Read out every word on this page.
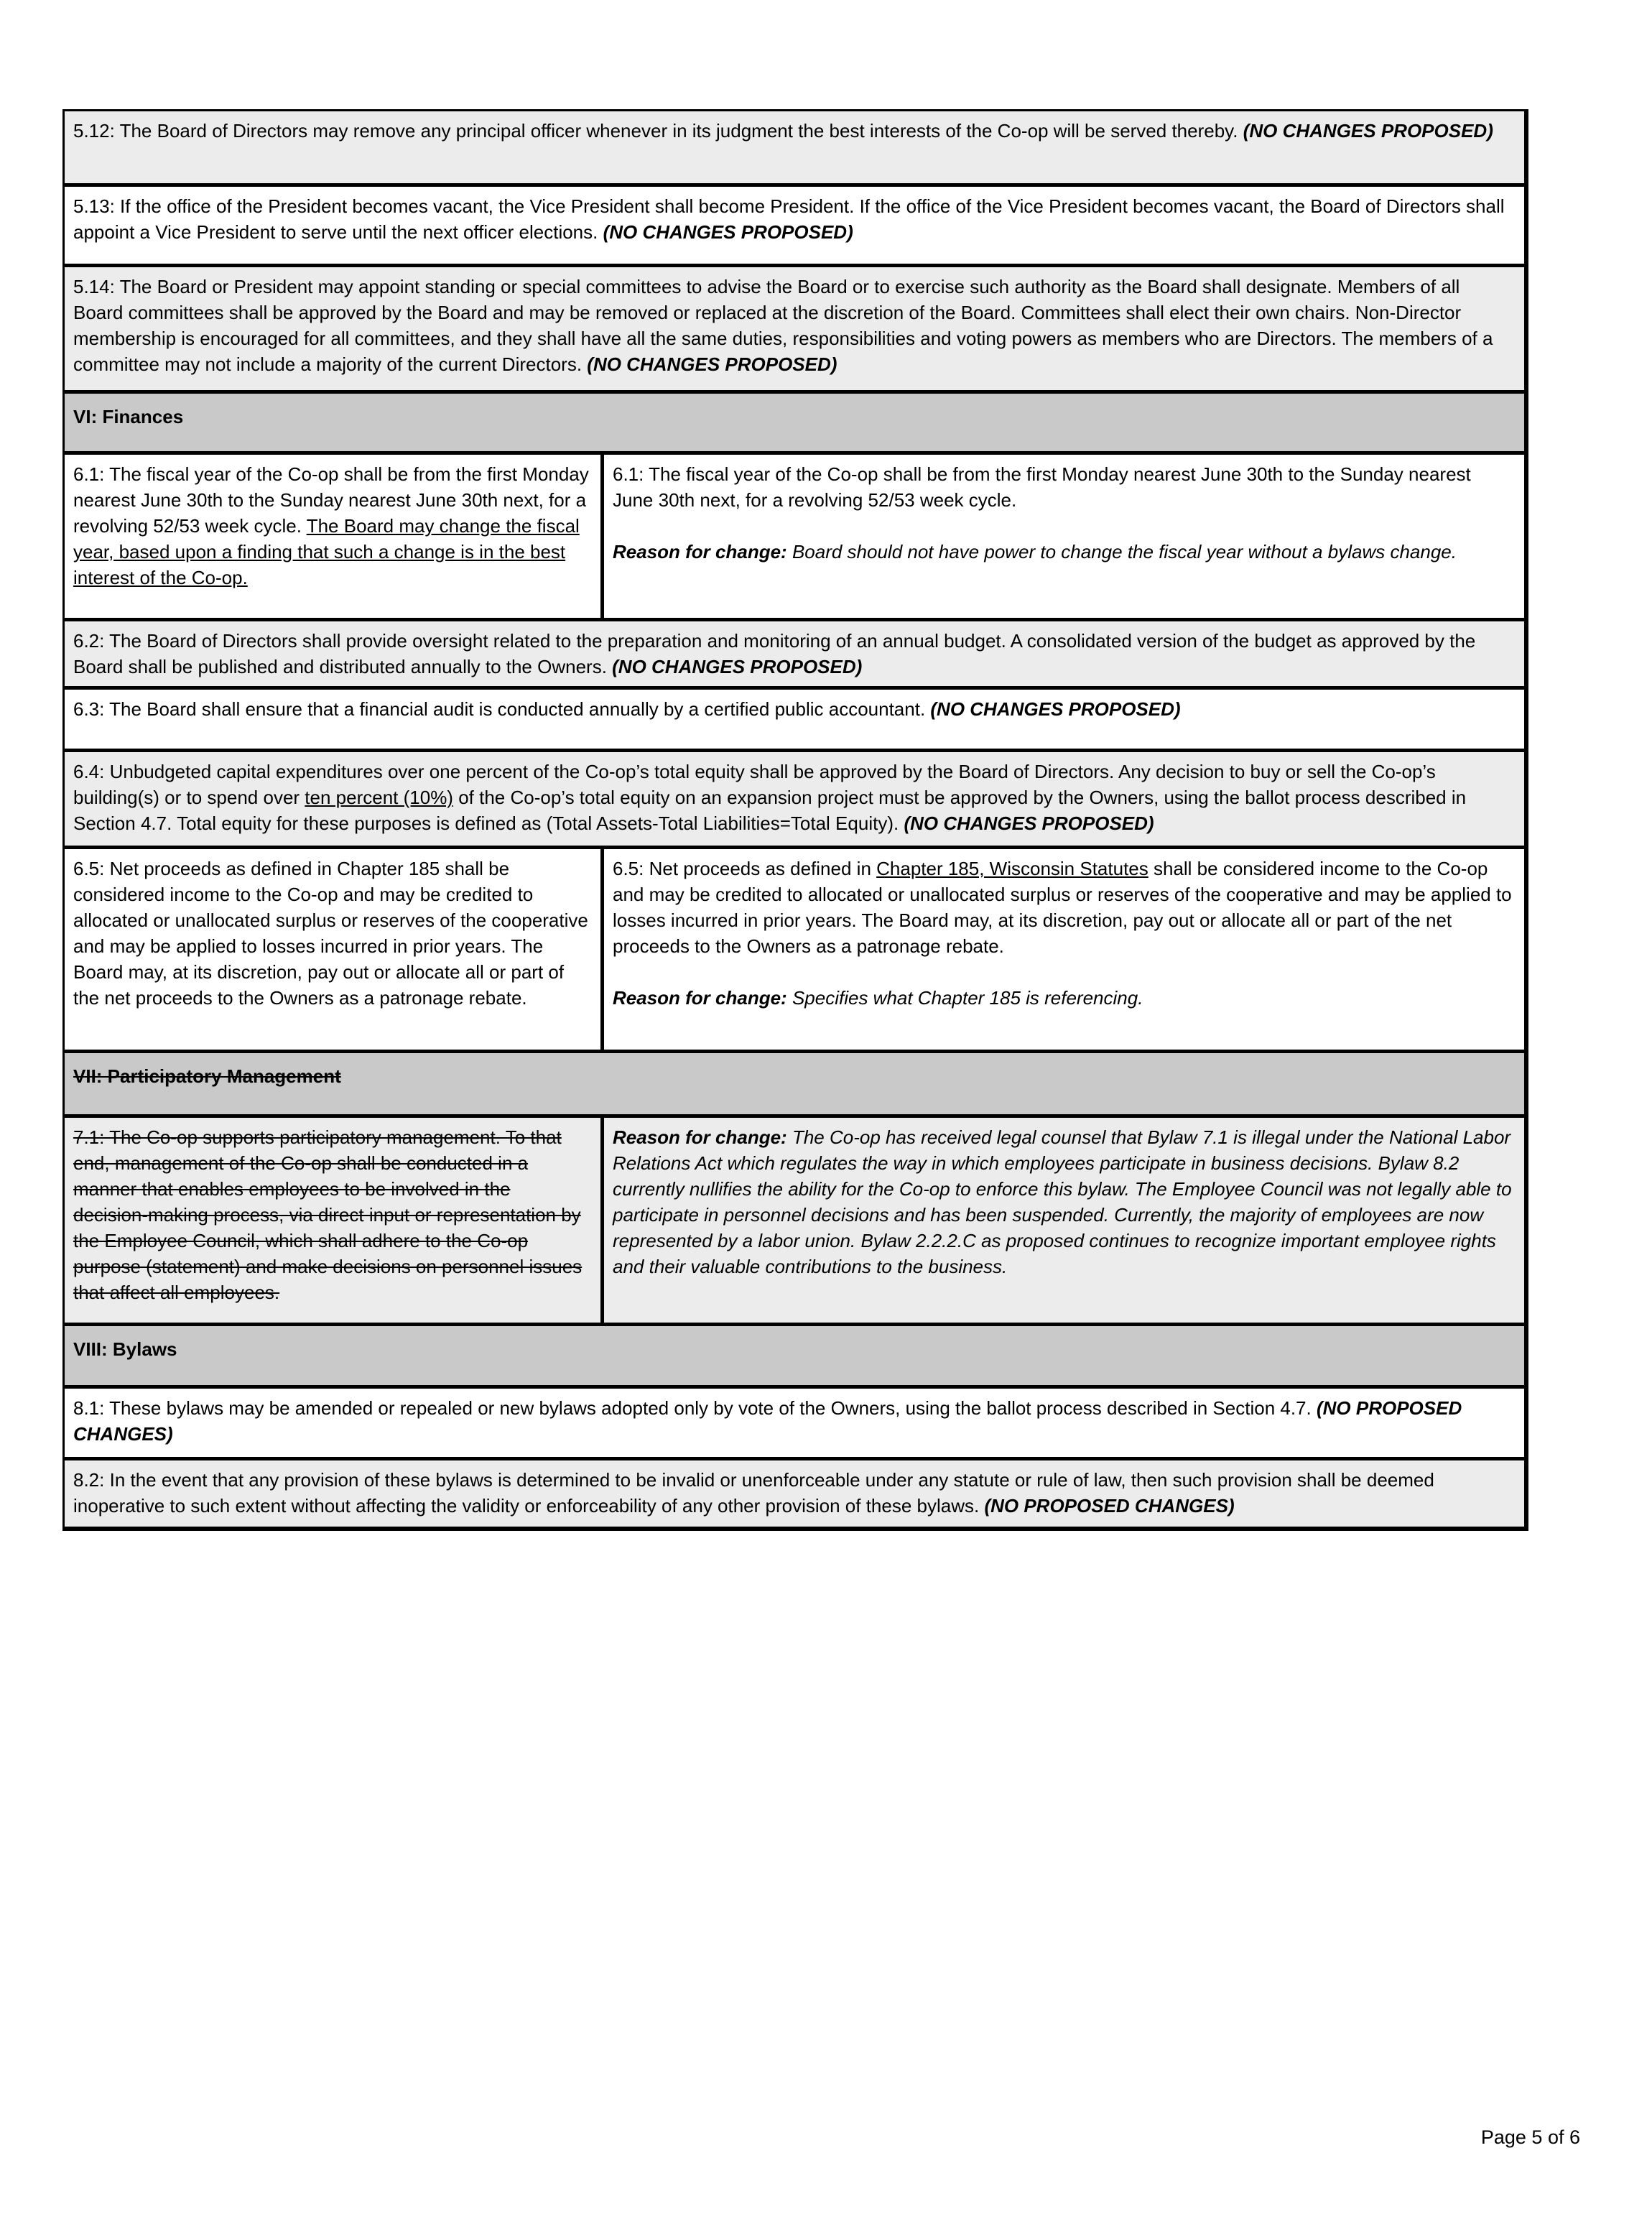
5.12: The Board of Directors may remove any principal officer whenever in its judgment the best interests of the Co-op will be served thereby. (NO CHANGES PROPOSED)

5.13: If the office of the President becomes vacant, the Vice President shall become President. If the office of the Vice President becomes vacant, the Board of Directors shall appoint a Vice President to serve until the next officer elections. (NO CHANGES PROPOSED)

5.14: The Board or President may appoint standing or special committees to advise the Board or to exercise such authority as the Board shall designate. Members of all Board committees shall be approved by the Board and may be removed or replaced at the discretion of the Board. Committees shall elect their own chairs. Non-Director membership is encouraged for all committees, and they shall have all the same duties, responsibilities and voting powers as members who are Directors. The members of a committee may not include a majority of the current Directors. (NO CHANGES PROPOSED)

VI: Finances

6.1: The fiscal year of the Co-op shall be from the first Monday nearest June 30th to the Sunday nearest June 30th next, for a revolving 52/53 week cycle. The Board may change the fiscal year, based upon a finding that such a change is in the best interest of the Co-op.

6.1: The fiscal year of the Co-op shall be from the first Monday nearest June 30th to the Sunday nearest June 30th next, for a revolving 52/53 week cycle.

Reason for change: Board should not have power to change the fiscal year without a bylaws change.

6.2: The Board of Directors shall provide oversight related to the preparation and monitoring of an annual budget. A consolidated version of the budget as approved by the Board shall be published and distributed annually to the Owners. (NO CHANGES PROPOSED)

6.3: The Board shall ensure that a financial audit is conducted annually by a certified public accountant. (NO CHANGES PROPOSED)

6.4: Unbudgeted capital expenditures over one percent of the Co-op’s total equity shall be approved by the Board of Directors. Any decision to buy or sell the Co-op’s building(s) or to spend over ten percent (10%) of the Co-op’s total equity on an expansion project must be approved by the Owners, using the ballot process described in Section 4.7. Total equity for these purposes is defined as (Total Assets-Total Liabilities=Total Equity). (NO CHANGES PROPOSED)

6.5: Net proceeds as defined in Chapter 185 shall be considered income to the Co-op and may be credited to allocated or unallocated surplus or reserves of the cooperative and may be applied to losses incurred in prior years. The Board may, at its discretion, pay out or allocate all or part of the net proceeds to the Owners as a patronage rebate.

6.5: Net proceeds as defined in Chapter 185, Wisconsin Statutes shall be considered income to the Co-op and may be credited to allocated or unallocated surplus or reserves of the cooperative and may be applied to losses incurred in prior years. The Board may, at its discretion, pay out or allocate all or part of the net proceeds to the Owners as a patronage rebate.

Reason for change: Specifies what Chapter 185 is referencing.

VII: Participatory Management

7.1: The Co-op supports participatory management. To that end, management of the Co-op shall be conducted in a manner that enables employees to be involved in the decision-making process, via direct input or representation by the Employee Council, which shall adhere to the Co-op purpose (statement) and make decisions on personnel issues that affect all employees.

Reason for change: The Co-op has received legal counsel that Bylaw 7.1 is illegal under the National Labor Relations Act which regulates the way in which employees participate in business decisions. Bylaw 8.2 currently nullifies the ability for the Co-op to enforce this bylaw. The Employee Council was not legally able to participate in personnel decisions and has been suspended. Currently, the majority of employees are now represented by a labor union. Bylaw 2.2.2.C as proposed continues to recognize important employee rights and their valuable contributions to the business.

VIII: Bylaws

8.1: These bylaws may be amended or repealed or new bylaws adopted only by vote of the Owners, using the ballot process described in Section 4.7. (NO PROPOSED CHANGES)

8.2: In the event that any provision of these bylaws is determined to be invalid or unenforceable under any statute or rule of law, then such provision shall be deemed inoperative to such extent without affecting the validity or enforceability of any other provision of these bylaws. (NO PROPOSED CHANGES)

Page 5 of 6
